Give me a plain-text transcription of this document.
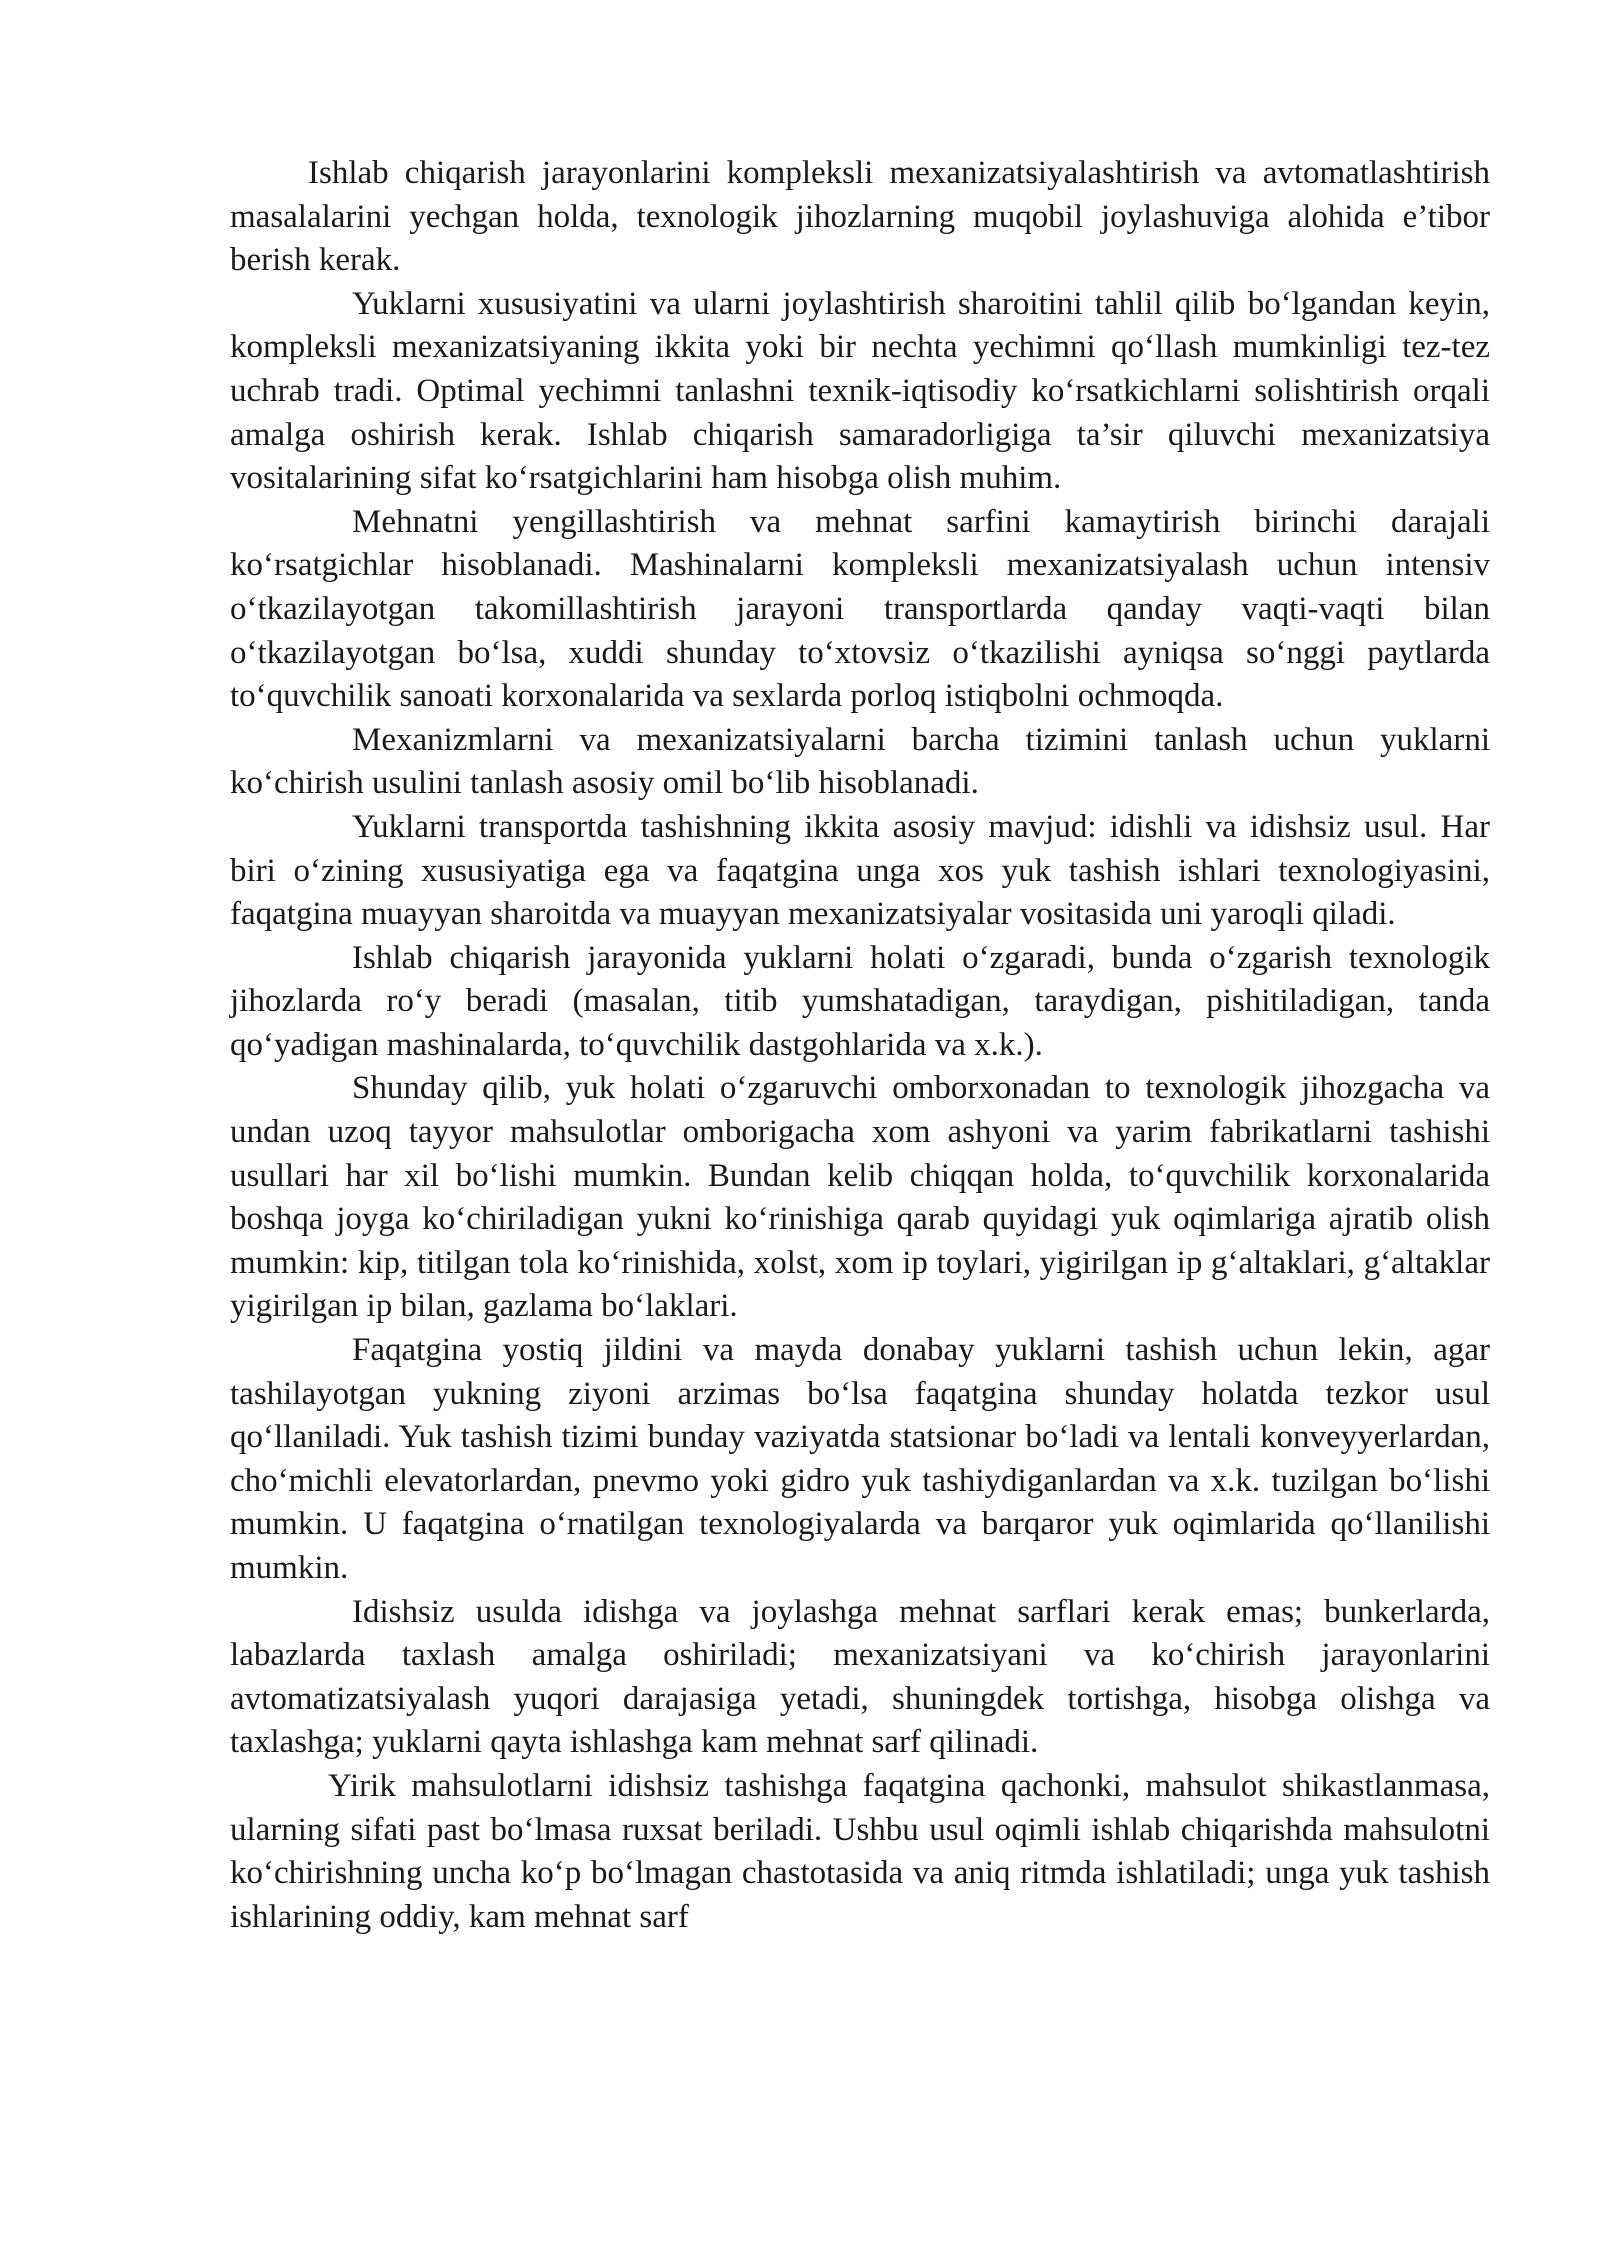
Ishlab chiqarish jarayonlarini kompleksli mexanizatsiyalashtirish va avtomatlashtirish masalalarini yechgan holda, texnologik jihozlarning muqobil joylashuviga alohida e’tibor berish kerak.

Yuklarni xususiyatini va ularni joylashtirish sharoitini tahlil qilib bo‘lgandan keyin, kompleksli mexanizatsiyaning ikkita yoki bir nechta yechimni qo‘llash mumkinligi tez-tez uchrab tradi. Optimal yechimni tanlashni texnik-iqtisodiy ko‘rsatkichlarni solishtirish orqali amalga oshirish kerak. Ishlab chiqarish samaradorligiga ta’sir qiluvchi mexanizatsiya vositalarining sifat ko‘rsatgichlarini ham hisobga olish muhim.

Mehnatni yengillashtirish va mehnat sarfini kamaytirish birinchi darajali ko‘rsatgichlar hisoblanadi. Mashinalarni kompleksli mexanizatsiyalash uchun intensiv o‘tkazilayotgan takomillashtirish jarayoni transportlarda qanday vaqti-vaqti bilan o‘tkazilayotgan bo‘lsa, xuddi shunday to‘xtovsiz o‘tkazilishi ayniqsa so‘nggi paytlarda to‘quvchilik sanoati korxonalarida va sexlarda porloq istiqbolni ochmoqda.

Mexanizmlarni va mexanizatsiyalarni barcha tizimini tanlash uchun yuklarni ko‘chirish usulini tanlash asosiy omil bo‘lib hisoblanadi.

Yuklarni transportda tashishning ikkita asosiy mavjud: idishli va idishsiz usul. Har biri o‘zining xususiyatiga ega va faqatgina unga xos yuk tashish ishlari texnologiyasini, faqatgina muayyan sharoitda va muayyan mexanizatsiyalar vositasida uni yaroqli qiladi.

Ishlab chiqarish jarayonida yuklarni holati o‘zgaradi, bunda o‘zgarish texnologik jihozlarda ro‘y beradi (masalan, titib yumshatadigan, taraydigan, pishitiladigan, tanda qo‘yadigan mashinalarda, to‘quvchilik dastgohlarida va x.k.).

Shunday qilib, yuk holati o‘zgaruvchi omborxonadan to texnologik jihozgacha va undan uzoq tayyor mahsulotlar omborigacha xom ashyoni va yarim fabrikatlarni tashishi usullari har xil bo‘lishi mumkin. Bundan kelib chiqqan holda, to‘quvchilik korxonalarida boshqa joyga ko‘chiriladigan yukni ko‘rinishiga qarab quyidagi yuk oqimlariga ajratib olish mumkin: kip, titilgan tola ko‘rinishida, xolst, xom ip toylari, yigirilgan ip g‘altaklari, g‘altaklar yigirilgan ip bilan, gazlama bo‘laklari.

Faqatgina yostiq jildini va mayda donabay yuklarni tashish uchun lekin, agar tashilayotgan yukning ziyoni arzimas bo‘lsa faqatgina shunday holatda tezkor usul qo‘llaniladi. Yuk tashish tizimi bunday vaziyatda statsionar bo‘ladi va lentali konveyyerlardan, cho‘michli elevatorlardan, pnevmo yoki gidro yuk tashiydiganlardan va x.k. tuzilgan bo‘lishi mumkin. U faqatgina o‘rnatilgan texnologiyalarda va barqaror yuk oqimlarida qo‘llanilishi mumkin.

Idishsiz usulda idishga va joylashga mehnat sarflari kerak emas; bunkerlarda, labazlarda taxlash amalga oshiriladi; mexanizatsiyani va ko‘chirish jarayonlarini avtomatizatsiyalash yuqori darajasiga yetadi, shuningdek tortishga, hisobga olishga va taxlashga; yuklarni qayta ishlashga kam mehnat sarf qilinadi.

Yirik mahsulotlarni idishsiz tashishga faqatgina qachonki, mahsulot shikastlanmasa, ularning sifati past bo‘lmasa ruxsat beriladi. Ushbu usul oqimli ishlab chiqarishda mahsulotni ko‘chirishning uncha ko‘p bo‘lmagan chastotasida va aniq ritmda ishlatiladi; unga yuk tashish ishlarining oddiy, kam mehnat sarf
